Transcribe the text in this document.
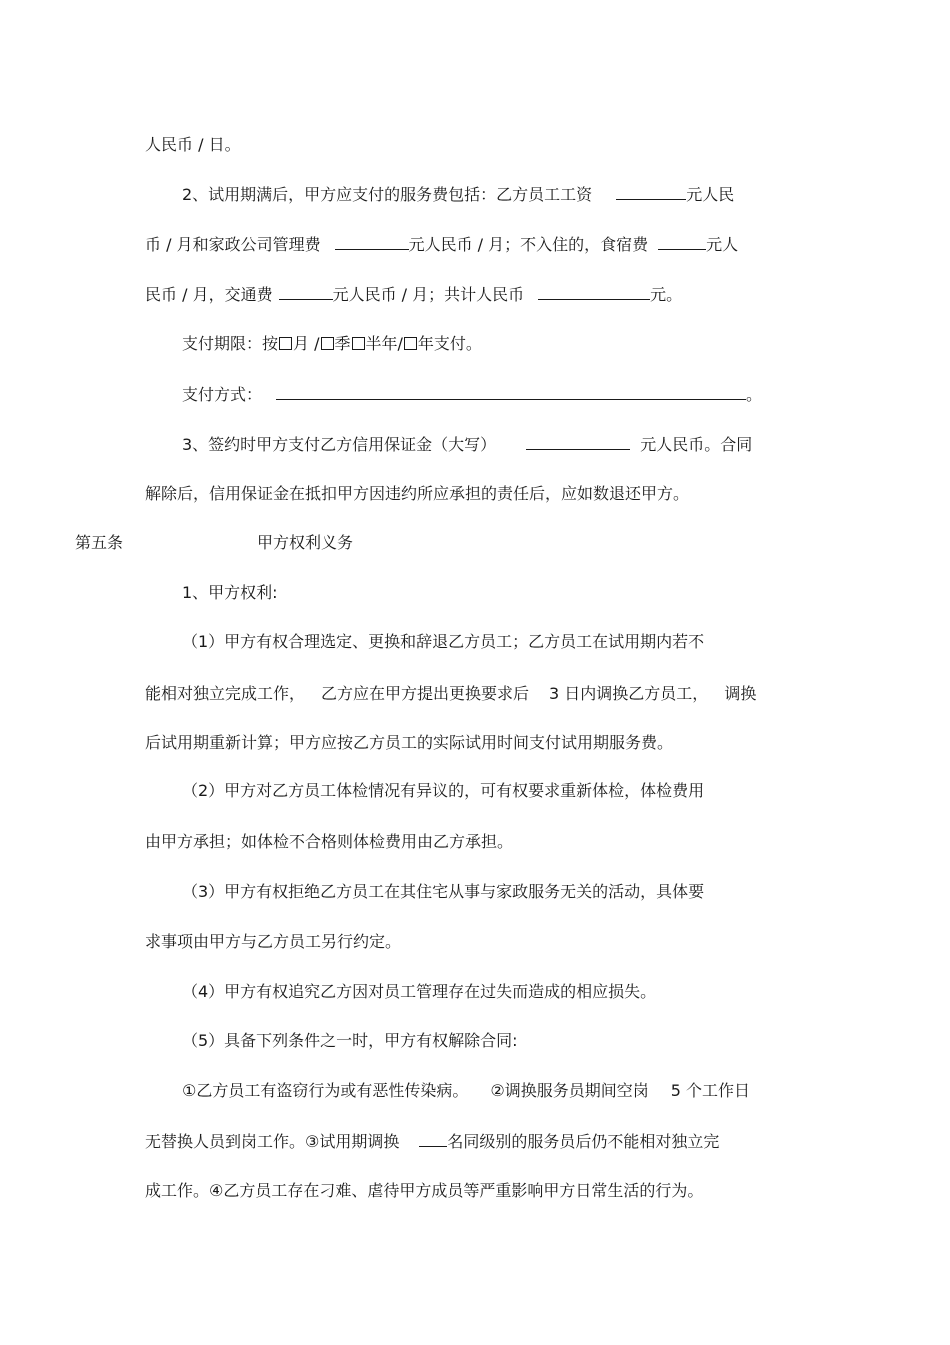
人民币 / 日。
2、试用期满后，甲方应支付的服务费包括：乙方员工工资	元人民
币 / 月和家政公司管理费	元人民币 / 月；不入住的，食宿费	元人
民币 / 月，交通费	元人民币 / 月；共计人民币	元。
支付期限：按 月 / 季 半年/ 年支付。
支付方式：	。
3、签约时甲方支付乙方信用保证金（大写）	元人民币。合同
解除后，信用保证金在抵扣甲方因违约所应承担的责任后，应如数退还甲方。
第五条	甲方权利义务
1、甲方权利:
（1）甲方有权合理选定、更换和辞退乙方员工；乙方员工在试用期内若不
能相对独立完成工作， 乙方应在甲方提出更换要求后 3 日内调换乙方员工， 调换
后试用期重新计算；甲方应按乙方员工的实际试用时间支付试用期服务费。
（2）甲方对乙方员工体检情况有异议的，可有权要求重新体检，体检费用
由甲方承担；如体检不合格则体检费用由乙方承担。
（3）甲方有权拒绝乙方员工在其住宅从事与家政服务无关的活动，具体要
求事项由甲方与乙方员工另行约定。
（4）甲方有权追究乙方因对员工管理存在过失而造成的相应损失。
（5）具备下列条件之一时，甲方有权解除合同:
①乙方员工有盗窃行为或有恶性传染病。 ②调换服务员期间空岗 5 个工作日
无替换人员到岗工作。③试用期调换	名同级别的服务员后仍不能相对独立完
成工作。④乙方员工存在刁难、虐待甲方成员等严重影响甲方日常生活的行为。
